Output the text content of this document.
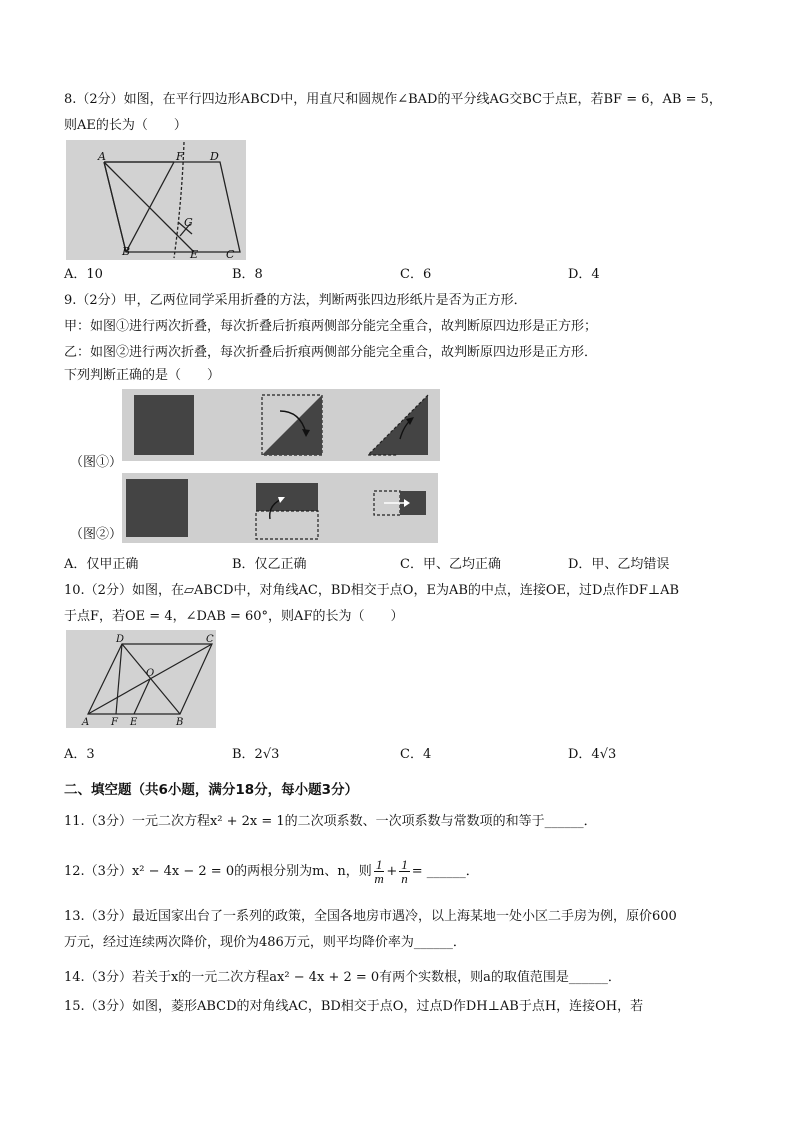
8.（2分）如图，在平行四边形ABCD中，用直尺和圆规作∠BAD的平分线AG交BC于点E，若BF = 6，AB = 5，
则AE的长为（　　）
A	F D
G
B	E	C
A．10	B．8	C．6	D．4
9.（2分）甲，乙两位同学采用折叠的方法，判断两张四边形纸片是否为正方形．
甲：如图①进行两次折叠，每次折叠后折痕两侧部分能完全重合，故判断原四边形是正方形；
乙：如图②进行两次折叠，每次折叠后折痕两侧部分能完全重合，故判断原四边形是正方形．
下列判断正确的是（　　）
（图①）
（图②）
A．仅甲正确	B．仅乙正确	C．甲、乙均正确	D．甲、乙均错误
10.（2分）如图，在▱ABCD中，对角线AC，BD相交于点O，E为AB的中点，连接OE，过D点作DF⊥AB
于点F，若OE = 4，∠DAB = 60°，则AF的长为（　　）
D	C
O
A F E	B
A．3	B．2√3	C．4	D．4√3
二、填空题（共6小题，满分18分，每小题3分）
11.（3分）一元二次方程x² + 2x = 1的二次项系数、一次项系数与常数项的和等于______．
12.（3分）x² − 4x − 2 = 0的两根分别为m、n，则 $\frac{1}{m} + \frac{1}{n}$ = ______．
13.（3分）最近国家出台了一系列的政策，全国各地房市遇冷，以上海某地一处小区二手房为例，原价600
万元，经过连续两次降价，现价为486万元，则平均降价率为______．
14.（3分）若关于x的一元二次方程ax² − 4x + 2 = 0有两个实数根，则a的取值范围是______．
15.（3分）如图，菱形ABCD的对角线AC，BD相交于点O，过点D作DH⊥AB于点H，连接OH，若
